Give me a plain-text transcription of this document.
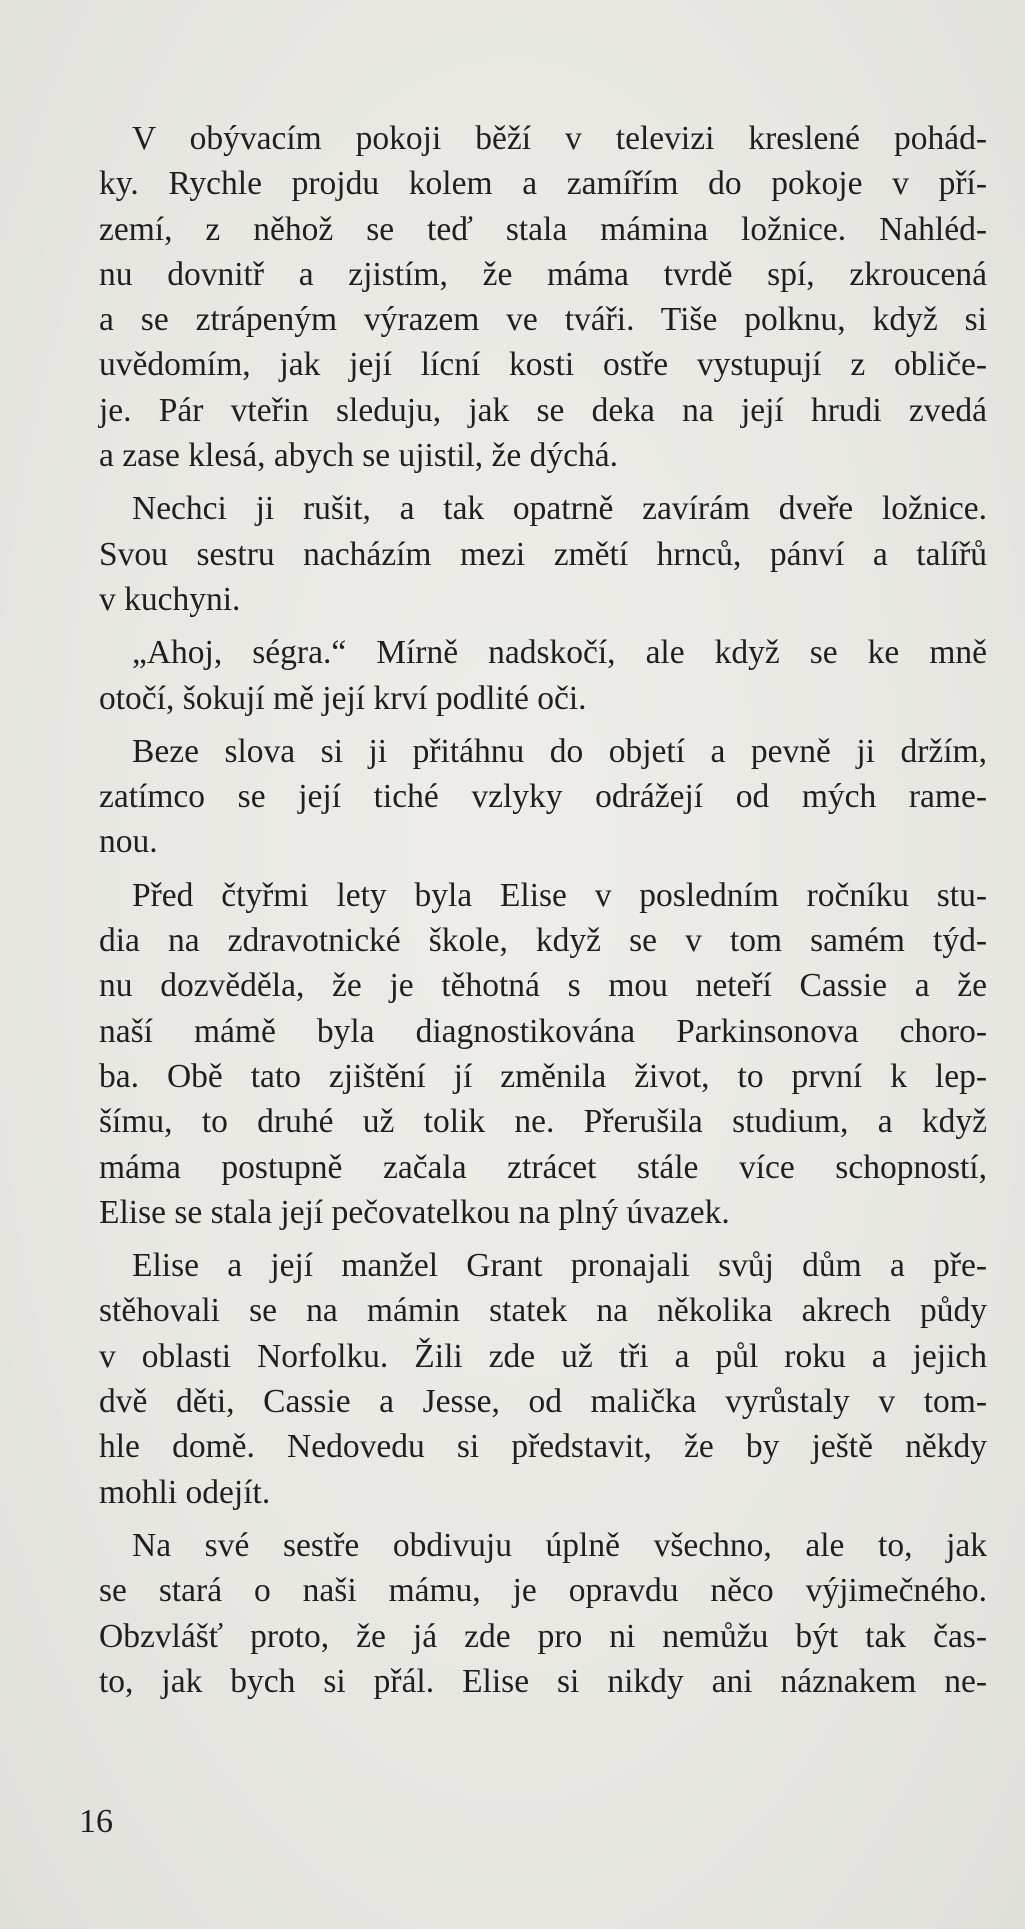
V obývacím pokoji běží v televizi kreslené pohád-
ky. Rychle projdu kolem a zamířím do pokoje v pří-
zemí, z něhož se teď stala mámina ložnice. Nahléd-
nu dovnitř a zjistím, že máma tvrdě spí, zkroucená
a se ztrápeným výrazem ve tváři. Tiše polknu, když si
uvědomím, jak její lícní kosti ostře vystupují z obliče-
je. Pár vteřin sleduju, jak se deka na její hrudi zvedá
a zase klesá, abych se ujistil, že dýchá.
Nechci ji rušit, a tak opatrně zavírám dveře ložnice.
Svou sestru nacházím mezi změtí hrnců, pánví a talířů
v kuchyni.
„Ahoj, ségra.“ Mírně nadskočí, ale když se ke mně
otočí, šokují mě její krví podlité oči.
Beze slova si ji přitáhnu do objetí a pevně ji držím,
zatímco se její tiché vzlyky odrážejí od mých rame-
nou.
Před čtyřmi lety byla Elise v posledním ročníku stu-
dia na zdravotnické škole, když se v tom samém týd-
nu dozvěděla, že je těhotná s mou neteří Cassie a že
naší mámě byla diagnostikována Parkinsonova choro-
ba. Obě tato zjištění jí změnila život, to první k lep-
šímu, to druhé už tolik ne. Přerušila studium, a když
máma postupně začala ztrácet stále více schopností,
Elise se stala její pečovatelkou na plný úvazek.
Elise a její manžel Grant pronajali svůj dům a pře-
stěhovali se na mámin statek na několika akrech půdy
v oblasti Norfolku. Žili zde už tři a půl roku a jejich
dvě děti, Cassie a Jesse, od malička vyrůstaly v tom-
hle domě. Nedovedu si představit, že by ještě někdy
mohli odejít.
Na své sestře obdivuju úplně všechno, ale to, jak
se stará o naši mámu, je opravdu něco výjimečného.
Obzvlášť proto, že já zde pro ni nemůžu být tak čas-
to, jak bych si přál. Elise si nikdy ani náznakem ne-
16
